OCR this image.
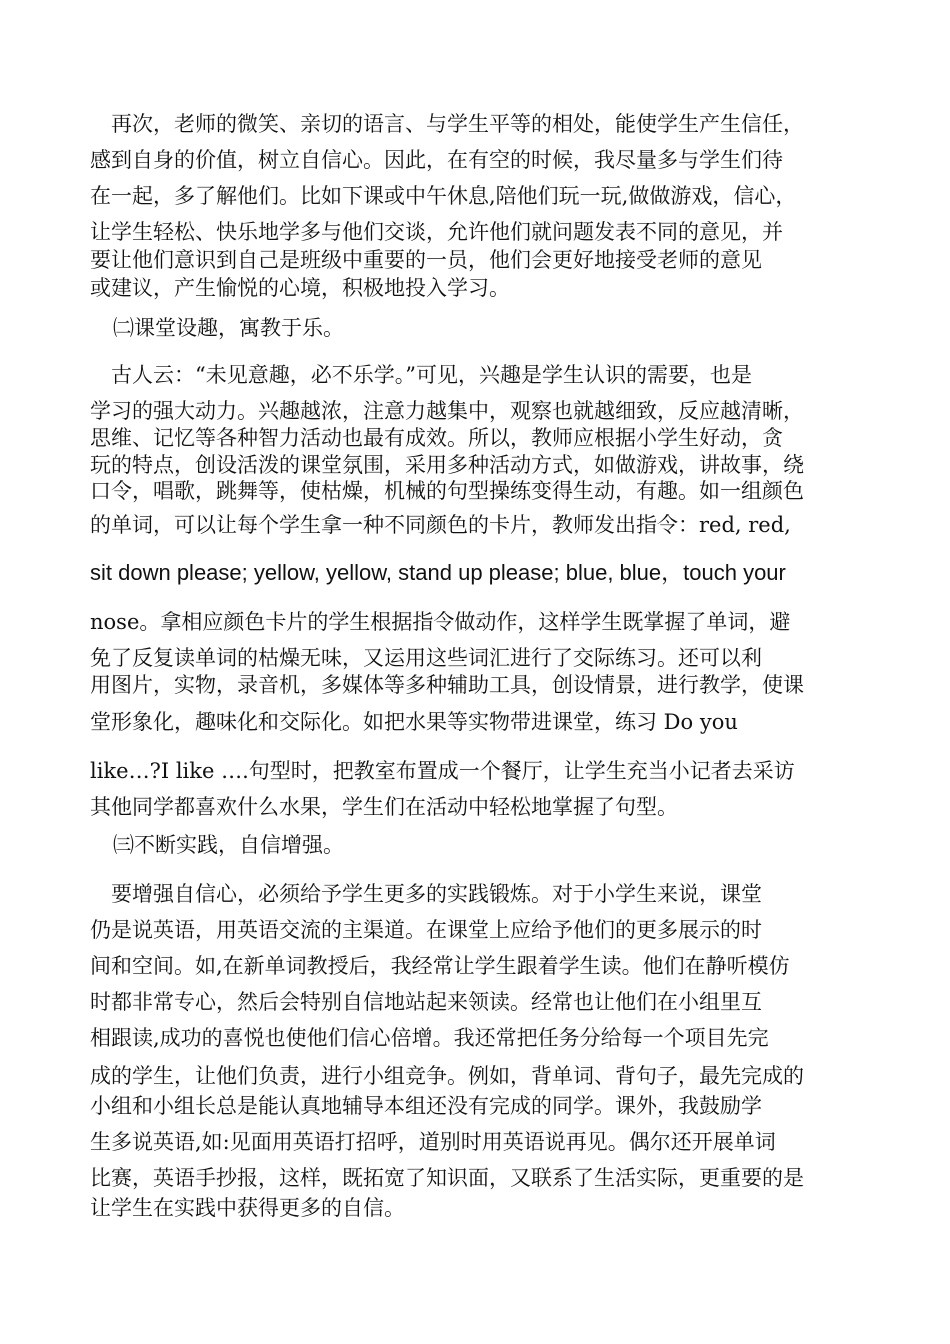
　再次，老师的微笑、亲切的语言、与学生平等的相处，能使学生产生信任，
感到自身的价值，树立自信心。因此，在有空的时候，我尽量多与学生们待
在一起，多了解他们。比如下课或中午休息,陪他们玩一玩,做做游戏，信心，
让学生轻松、快乐地学多与他们交谈，允许他们就问题发表不同的意见，并
要让他们意识到自己是班级中重要的一员，他们会更好地接受老师的意见
或建议，产生愉悦的心境，积极地投入学习。
㈡课堂设趣，寓教于乐。
　古人云：“未见意趣，必不乐学。”可见，兴趣是学生认识的需要，也是
学习的强大动力。兴趣越浓，注意力越集中，观察也就越细致，反应越清晰，
思维、记忆等各种智力活动也最有成效。所以，教师应根据小学生好动，贪
玩的特点，创设活泼的课堂氛围，采用多种活动方式，如做游戏，讲故事，绕
口令，唱歌，跳舞等，使枯燥，机械的句型操练变得生动，有趣。如一组颜色
的单词，可以让每个学生拿一种不同颜色的卡片，教师发出指令：red, red,
sit down please; yellow, yellow, stand up please; blue, blue，touch your
nose。拿相应颜色卡片的学生根据指令做动作，这样学生既掌握了单词，避
免了反复读单词的枯燥无味，又运用这些词汇进行了交际练习。还可以利
用图片，实物，录音机，多媒体等多种辅助工具，创设情景，进行教学，使课
堂形象化，趣味化和交际化。如把水果等实物带进课堂，练习 Do you
like…?I like ….句型时，把教室布置成一个餐厅，让学生充当小记者去采访
其他同学都喜欢什么水果，学生们在活动中轻松地掌握了句型。
㈢不断实践，自信增强。
　要增强自信心，必须给予学生更多的实践锻炼。对于小学生来说，课堂
仍是说英语，用英语交流的主渠道。在课堂上应给予他们的更多展示的时
间和空间。如,在新单词教授后，我经常让学生跟着学生读。他们在静听模仿
时都非常专心，然后会特别自信地站起来领读。经常也让他们在小组里互
相跟读,成功的喜悦也使他们信心倍增。我还常把任务分给每一个项目先完
成的学生，让他们负责，进行小组竞争。例如，背单词、背句子，最先完成的
小组和小组长总是能认真地辅导本组还没有完成的同学。课外，我鼓励学
生多说英语,如:见面用英语打招呼，道别时用英语说再见。偶尔还开展单词
比赛，英语手抄报，这样，既拓宽了知识面，又联系了生活实际，更重要的是
让学生在实践中获得更多的自信。
